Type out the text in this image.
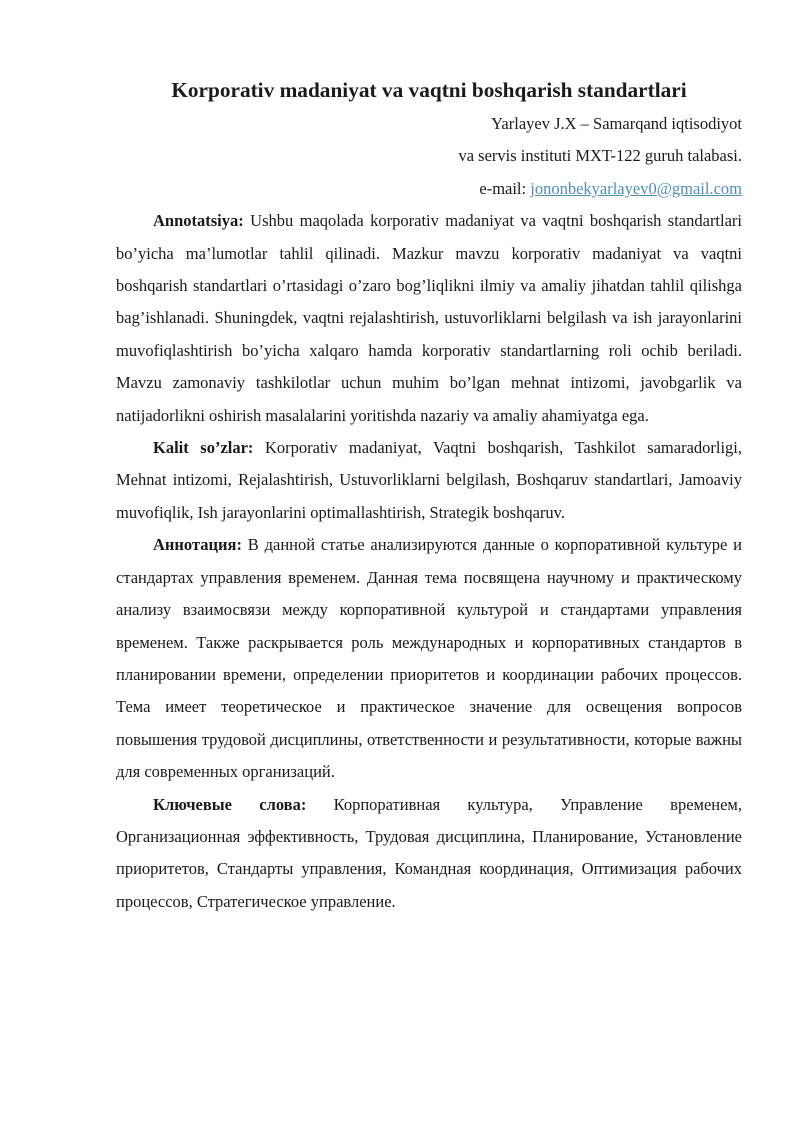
Korporativ madaniyat va vaqtni boshqarish standartlari
Yarlayev J.X – Samarqand iqtisodiyot
va servis instituti MXT-122 guruh talabasi.
e-mail: jononbekyarlayev0@gmail.com

Annotatsiya: Ushbu maqolada korporativ madaniyat va vaqtni boshqarish standartlari bo’yicha ma’lumotlar tahlil qilinadi. Mazkur mavzu korporativ madaniyat va vaqtni boshqarish standartlari o’rtasidagi o’zaro bog’liqlikni ilmiy va amaliy jihatdan tahlil qilishga bag’ishlanadi. Shuningdek, vaqtni rejalashtirish, ustuvorliklarni belgilash va ish jarayonlarini muvofiqlashtirish bo’yicha xalqaro hamda korporativ standartlarning roli ochib beriladi. Mavzu zamonaviy tashkilotlar uchun muhim bo’lgan mehnat intizomi, javobgarlik va natijadorlikni oshirish masalalarini yoritishda nazariy va amaliy ahamiyatga ega.

Kalit so’zlar: Korporativ madaniyat, Vaqtni boshqarish, Tashkilot samaradorligi, Mehnat intizomi, Rejalashtirish, Ustuvorliklarni belgilash, Boshqaruv standartlari, Jamoaviy muvofiqlik, Ish jarayonlarini optimallashtirish, Strategik boshqaruv.

Аннотация: В данной статье анализируются данные о корпоративной культуре и стандартах управления временем. Данная тема посвящена научному и практическому анализу взаимосвязи между корпоративной культурой и стандартами управления временем. Также раскрывается роль международных и корпоративных стандартов в планировании времени, определении приоритетов и координации рабочих процессов. Тема имеет теоретическое и практическое значение для освещения вопросов повышения трудовой дисциплины, ответственности и результативности, которые важны для современных организаций.

Ключевые слова: Корпоративная культура, Управление временем, Организационная эффективность, Трудовая дисциплина, Планирование, Установление приоритетов, Стандарты управления, Командная координация, Оптимизация рабочих процессов, Стратегическое управление.
